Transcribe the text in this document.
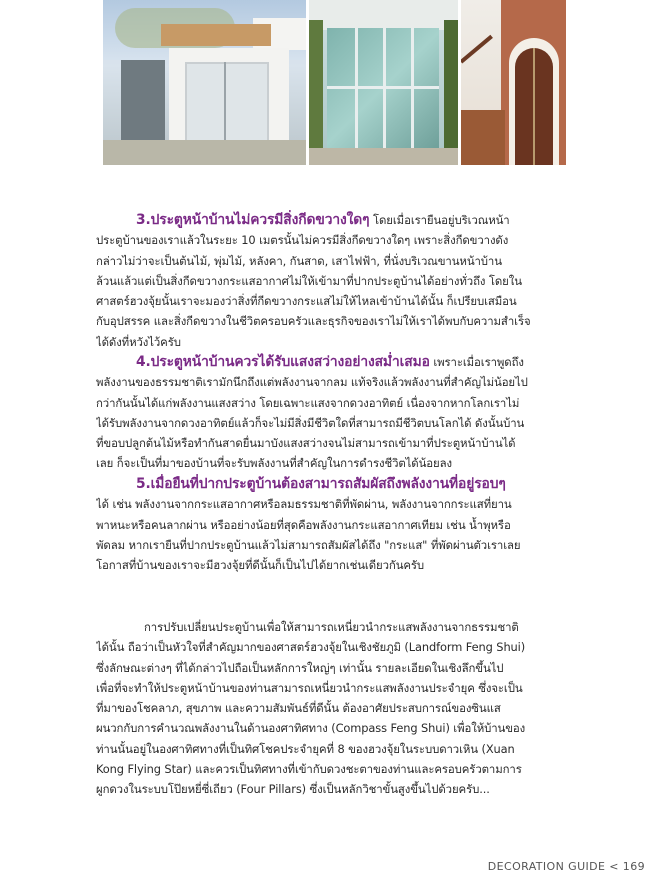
3.ประตูหน้าบ้านไม่ควรมีสิ่งกีดขวางใดๆ โดยเมื่อเรายืนอยู่บริเวณหน้า
ประตูบ้านของเราแล้วในระยะ 10 เมตรนั้นไม่ควรมีสิ่งกีดขวางใดๆ เพราะสิ่งกีดขวางดัง
กล่าวไม่ว่าจะเป็นต้นไม้, พุ่มไม้, หลังคา, กันสาด, เสาไฟฟ้า, ที่นั่งบริเวณขานหน้าบ้าน
ล้วนแล้วแต่เป็นสิ่งกีดขวางกระแสอากาศไม่ให้เข้ามาที่ปากประตูบ้านได้อย่างทั่วถึง โดยใน
ศาสตร์ฮวงจุ้ยนั้นเราจะมองว่าสิ่งที่กีดขวางกระแสไม่ให้ไหลเข้าบ้านได้นั้น ก็เปรียบเสมือน
กับอุปสรรค และสิ่งกีดขวางในชีวิตครอบครัวและธุรกิจของเราไม่ให้เราได้พบกับความสำเร็จ
ได้ดังที่หวังไว้ครับ
4.ประตูหน้าบ้านควรได้รับแสงสว่างอย่างสม่ำเสมอ เพราะเมื่อเราพูดถึง
พลังงานของธรรมชาติเรามักนึกถึงแต่พลังงานจากลม แท้จริงแล้วพลังงานที่สำคัญไม่น้อยไป
กว่ากันนั้นได้แก่พลังงานแสงสว่าง โดยเฉพาะแสงจากดวงอาทิตย์ เนื่องจากหากโลกเราไม่
ได้รับพลังงานจากดวงอาทิตย์แล้วก็จะไม่มีสิ่งมีชีวิตใดที่สามารถมีชีวิตบนโลกได้ ดังนั้นบ้าน
ที่ขอบปลูกต้นไม้หรือทำกันสาดยื่นมาบังแสงสว่างจนไม่สามารถเข้ามาที่ประตูหน้าบ้านได้
เลย ก็จะเป็นที่มาของบ้านที่จะรับพลังงานที่สำคัญในการดำรงชีวิตได้น้อยลง
5.เมื่อยืนที่ปากประตูบ้านต้องสามารถสัมผัสถึงพลังงานที่อยู่รอบๆ
ได้ เช่น พลังงานจากกระแสอากาศหรือลมธรรมชาติที่พัดผ่าน, พลังงานจากกระแสที่ยาน
พาหนะหรือคนลากผ่าน หรืออย่างน้อยที่สุดคือพลังงานกระแสอากาศเทียม เช่น น้ำพุหรือ
พัดลม หากเรายืนที่ปากประตูบ้านแล้วไม่สามารถสัมผัสได้ถึง "กระแส" ที่พัดผ่านตัวเราเลย
โอกาสที่บ้านของเราจะมีฮวงจุ้ยที่ดีนั้นก็เป็นไปได้ยากเช่นเดียวกันครับ
การปรับเปลี่ยนประตูบ้านเพื่อให้สามารถเหนี่ยวนำกระแสพลังงานจากธรรมชาติ
ได้นั้น ถือว่าเป็นหัวใจที่สำคัญมากของศาสตร์ฮวงจุ้ยในเชิงชัยภูมิ (Landform Feng Shui)
ซึ่งลักษณะต่างๆ ที่ได้กล่าวไปถือเป็นหลักการใหญ่ๆ เท่านั้น รายละเอียดในเชิงลึกขึ้นไป
เพื่อที่จะทำให้ประตูหน้าบ้านของท่านสามารถเหนี่ยวนำกระแสพลังงานประจำยุค ซึ่งจะเป็น
ที่มาของโชคลาภ, สุขภาพ และความสัมพันธ์ที่ดีนั้น ต้องอาศัยประสบการณ์ของซินแส
ผนวกกับการคำนวณพลังงานในด้านองศาทิศทาง (Compass Feng Shui) เพื่อให้บ้านของ
ท่านนั้นอยู่ในองศาทิศทางที่เป็นทิศโชคประจำยุคที่ 8 ของฮวงจุ้ยในระบบดาวเหิน (Xuan
Kong Flying Star) และควรเป็นทิศทางที่เข้ากับดวงชะตาของท่านและครอบครัวตามการ
ผูกดวงในระบบโป๊ยหยี่ซี่เถียว (Four Pillars) ซึ่งเป็นหลักวิชาขั้นสูงขึ้นไปด้วยครับ...
DECORATION GUIDE < 169
